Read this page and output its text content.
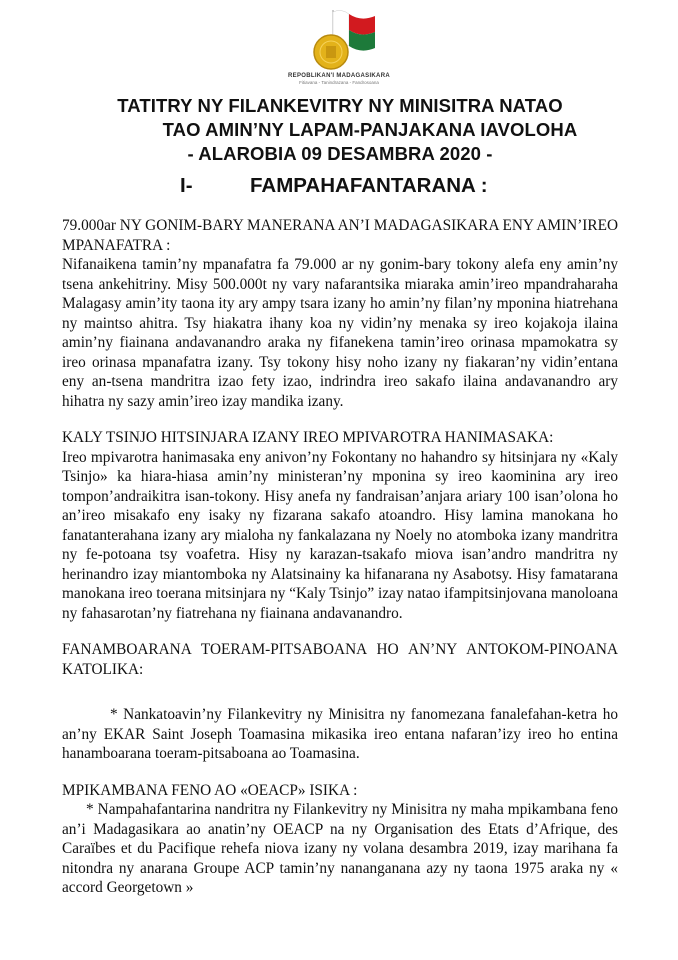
REPOBLIKAN'I MADAGASIKARA
Fitiavana - Tanindrazana - Fandrosoana
TATITRY NY FILANKEVITRY NY MINISITRA NATAO
TAO AMIN’NY LAPAM-PANJAKANA IAVOLOHA
- ALAROBIA 09 DESAMBRA 2020 -
I-	FAMPAHAFANTARANA :

79.000ar NY GONIM-BARY MANERANA AN’I MADAGASIKARA ENY AMIN’IREO MPANAFATRA :

Nifanaikena tamin’ny mpanafatra fa 79.000 ar ny gonim-bary tokony alefa eny amin’ny tsena ankehitriny. Misy 500.000t ny vary nafarantsika miaraka amin’ireo mpandraharaha Malagasy amin’ity taona ity ary ampy tsara izany ho amin’ny filan’ny mponina hiatrehana ny maintso ahitra. Tsy hiakatra ihany koa ny vidin’ny menaka sy ireo kojakoja ilaina amin’ny fiainana andavanandro araka ny fifanekena tamin’ireo orinasa mpamokatra sy ireo orinasa mpanafatra izany. Tsy tokony hisy noho izany ny fiakaran’ny vidin’entana eny an-tsena mandritra izao fety izao, indrindra ireo sakafo ilaina andavanandro ary hihatra ny sazy amin’ireo izay mandika izany.

KALY TSINJO HITSINJARA IZANY IREO MPIVAROTRA HANIMASAKA:

Ireo mpivarotra hanimasaka eny anivon’ny Fokontany no hahandro sy hitsinjara ny «Kaly Tsinjo» ka hiara-hiasa amin’ny ministeran’ny mponina sy ireo kaominina ary ireo tompon’andraikitra isan-tokony. Hisy anefa ny fandraisan’anjara ariary 100 isan’olona ho an’ireo misakafo eny isaky ny fizarana sakafo atoandro. Hisy lamina manokana ho fanatanterahana izany ary mialoha ny fankalazana ny Noely no atomboka izany mandritra ny fe-potoana tsy voafetra. Hisy ny karazan-tsakafo miova isan’andro mandritra ny herinandro izay miantomboka ny Alatsinainy ka hifanarana ny Asabotsy. Hisy famatarana manokana ireo toerana mitsinjara ny “Kaly Tsinjo” izay natao ifampitsinjovana manoloana ny fahasarotan’ny fiatrehana ny fiainana andavanandro.

FANAMBOARANA TOERAM-PITSABOANA HO AN’NY ANTOKOM-PINOANA KATOLIKA:

* Nankatoavin’ny Filankevitry ny Minisitra ny fanomezana fanalefahan-ketra ho an’ny EKAR Saint Joseph Toamasina mikasika ireo entana nafaran’izy ireo ho entina hanamboarana toeram-pitsaboana ao Toamasina.

MPIKAMBANA FENO AO «OEACP» ISIKA :

* Nampahafantarina nandritra ny Filankevitry ny Minisitra ny maha mpikambana feno an’i Madagasikara ao anatin’ny OEACP na ny Organisation des Etats d’Afrique, des Caraïbes et du Pacifique rehefa niova izany ny volana desambra 2019, izay marihana fa nitondra ny anarana Groupe ACP tamin’ny nananganana azy ny taona 1975 araka ny « accord Georgetown »
